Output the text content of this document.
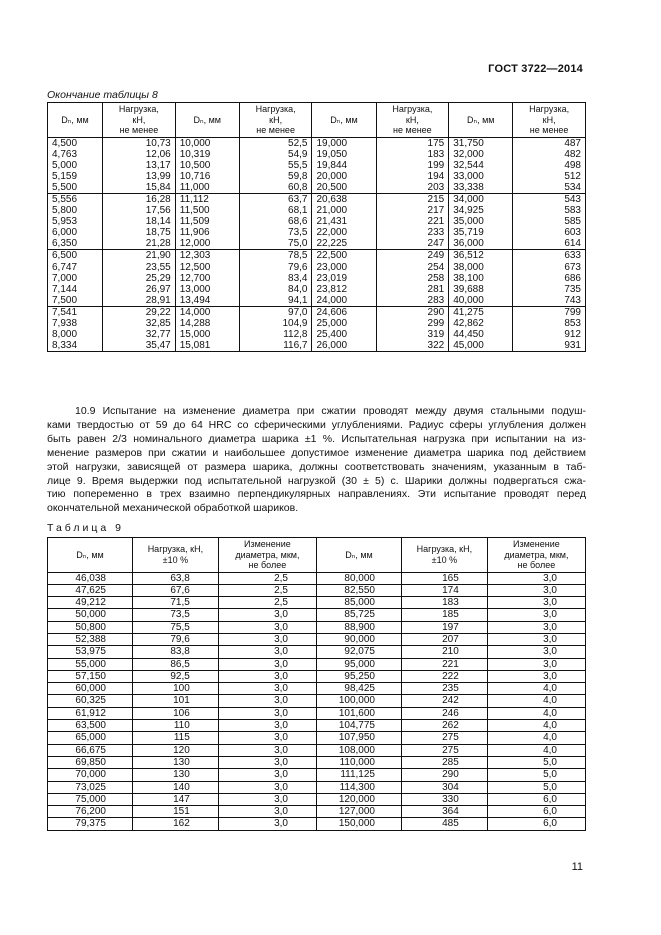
ГОСТ 3722—2014
Окончание таблицы 8
Dₙ, мм	Нагрузка,
кН,
не менее	Dₙ, мм	Нагрузка,
кН,
не менее	Dₙ, мм	Нагрузка,
кН,
не менее	Dₙ, мм	Нагрузка,
кН,
не менее
4,500	10,73	10,000	52,5	19,000	175	31,750	487
4,763	12,06	10,319	54,9	19,050	183	32,000	482
5,000	13,17	10,500	55,5	19,844	199	32,544	498
5,159	13,99	10,716	59,8	20,000	194	33,000	512
5,500	15,84	11,000	60,8	20,500	203	33,338	534
5,556	16,28	11,112	63,7	20,638	215	34,000	543
5,800	17,56	11,500	68,1	21,000	217	34,925	583
5,953	18,14	11,509	68,6	21,431	221	35,000	585
6,000	18,75	11,906	73,5	22,000	233	35,719	603
6,350	21,28	12,000	75,0	22,225	247	36,000	614
6,500	21,90	12,303	78,5	22,500	249	36,512	633
6,747	23,55	12,500	79,6	23,000	254	38,000	673
7,000	25,29	12,700	83,4	23,019	258	38,100	686
7,144	26,97	13,000	84,0	23,812	281	39,688	735
7,500	28,91	13,494	94,1	24,000	283	40,000	743
7,541	29,22	14,000	97,0	24,606	290	41,275	799
7,938	32,85	14,288	104,9	25,000	299	42,862	853
8,000	32,77	15,000	112,8	25,400	319	44,450	912
8,334	35,47	15,081	116,7	26,000	322	45,000	931
10.9 Испытание на изменение диаметра при сжатии проводят между двумя стальными подуш-
ками твердостью от 59 до 64 HRC со сферическими углублениями. Радиус сферы углубления должен
быть равен 2/3 номинального диаметра шарика ±1 %. Испытательная нагрузка при испытании на из-
менение размеров при сжатии и наибольшее допустимое изменение диаметра шарика под действием
этой нагрузки, зависящей от размера шарика, должны соответствовать значениям, указанным в таб-
лице 9. Время выдержки под испытательной нагрузкой (30 ± 5) с. Шарики должны подвергаться сжа-
тию попеременно в трех взаимно перпендикулярных направлениях. Эти испытание проводят перед
окончательной механической обработкой шариков.
Таблица 9
Dₙ, мм	Нагрузка, кН,
±10 %	Изменение
диаметра, мкм,
не более	Dₙ, мм	Нагрузка, кН,
±10 %	Изменение
диаметра, мкм,
не более
46,038	63,8	2,5	80,000	165	3,0
47,625	67,6	2,5	82,550	174	3,0
49,212	71,5	2,5	85,000	183	3,0
50,000	73,5	3,0	85,725	185	3,0
50,800	75,5	3,0	88,900	197	3,0
52,388	79,6	3,0	90,000	207	3,0
53,975	83,8	3,0	92,075	210	3,0
55,000	86,5	3,0	95,000	221	3,0
57,150	92,5	3,0	95,250	222	3,0
60,000	100	3,0	98,425	235	4,0
60,325	101	3,0	100,000	242	4,0
61,912	106	3,0	101,600	246	4,0
63,500	110	3,0	104,775	262	4,0
65,000	115	3,0	107,950	275	4,0
66,675	120	3,0	108,000	275	4,0
69,850	130	3,0	110,000	285	5,0
70,000	130	3,0	111,125	290	5,0
73,025	140	3,0	114,300	304	5,0
75,000	147	3,0	120,000	330	6,0
76,200	151	3,0	127,000	364	6,0
79,375	162	3,0	150,000	485	6,0
11
